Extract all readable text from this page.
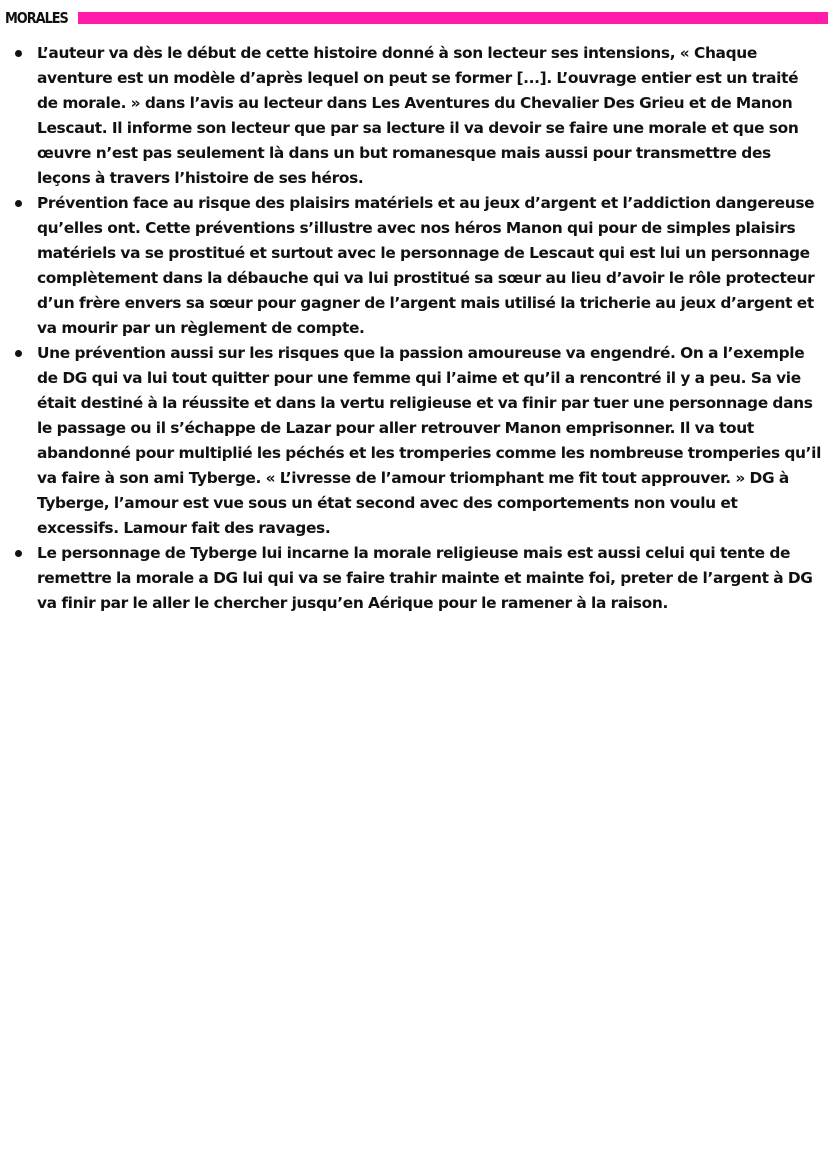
MORALES
L’auteur va dès le début de cette histoire donné à son lecteur ses intensions, « Chaque aventure est un modèle d’après lequel on peut se former [...]. L’ouvrage entier est un traité de morale. » dans l’avis au lecteur dans Les Aventures du Chevalier Des Grieu et de Manon Lescaut. Il informe son lecteur que par sa lecture il va devoir se faire une morale et que son œuvre n’est pas seulement là dans un but romanesque mais aussi pour transmettre des leçons à travers l’histoire de ses héros.
Prévention face au risque des plaisirs matériels et au jeux d’argent et l’addiction dangereuse qu’elles ont. Cette préventions s’illustre avec nos héros Manon qui pour de simples plaisirs matériels va se prostitué et surtout avec le personnage de Lescaut qui est lui un personnage complètement dans la débauche qui va lui prostitué sa sœur au lieu d’avoir le rôle protecteur d’un frère envers sa sœur pour gagner de l’argent mais utilisé la tricherie au jeux d’argent et va mourir par un règlement de compte.
Une prévention aussi sur les risques que la passion amoureuse va engendré. On a l’exemple de DG qui va lui tout quitter pour une femme qui l’aime et qu’il a rencontré il y a peu. Sa vie était destiné à la réussite et dans la vertu religieuse et va finir par tuer une personnage dans le passage ou il s’échappe de Lazar pour aller retrouver Manon emprisonner. Il va tout abandonné pour multiplié les péchés et les tromperies comme les nombreuse tromperies qu’il va faire à son ami Tyberge. « L’ivresse de l’amour triomphant me fit tout approuver. » DG à Tyberge, l’amour est vue sous un état second avec des comportements non voulu et excessifs. Lamour fait des ravages.
Le personnage de Tyberge lui incarne la morale religieuse mais est aussi celui qui tente de remettre la morale a DG lui qui va se faire trahir mainte et mainte foi, preter de l’argent à DG va finir par le aller le chercher jusqu’en Aérique pour le ramener à la raison.
